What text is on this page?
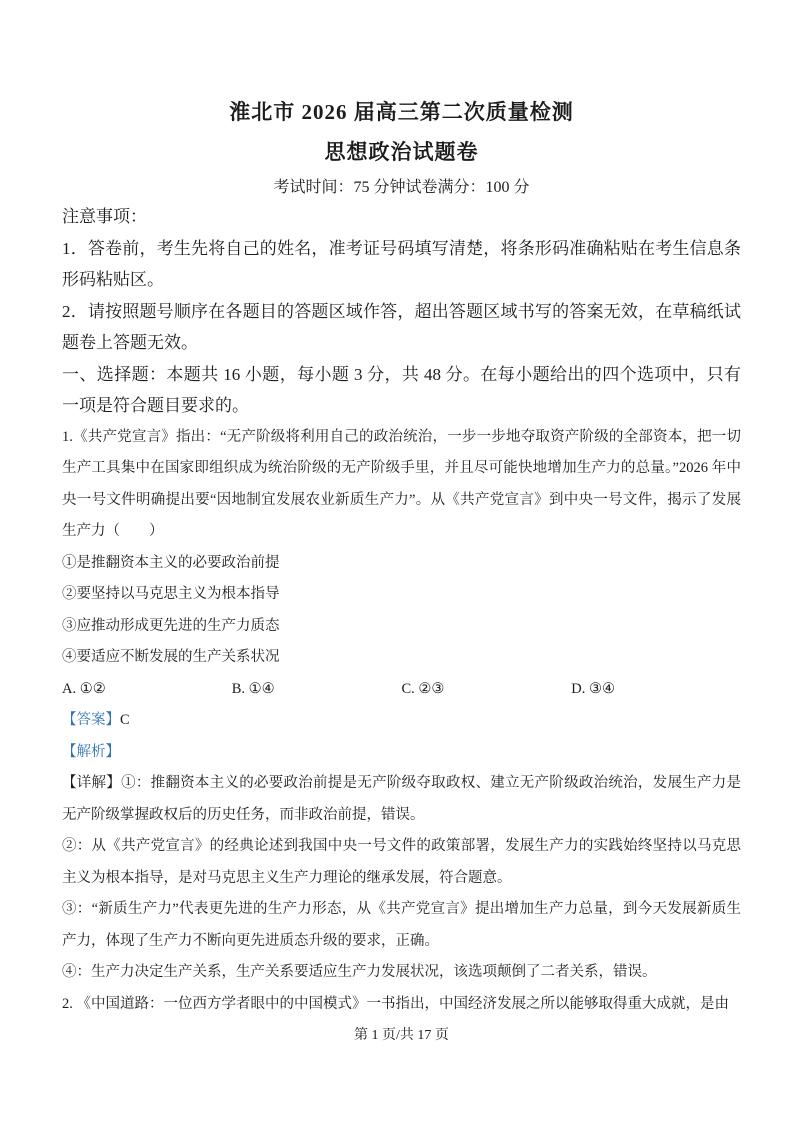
淮北市 2026 届高三第二次质量检测
思想政治试题卷

考试时间：75 分钟试卷满分：100 分

注意事项：

1．答卷前，考生先将自己的姓名，准考证号码填写清楚，将条形码准确粘贴在考生信息条形码粘贴区。

2．请按照题号顺序在各题目的答题区域作答，超出答题区域书写的答案无效，在草稿纸试题卷上答题无效。

一、选择题：本题共 16 小题，每小题 3 分，共 48 分。在每小题给出的四个选项中，只有一项是符合题目要求的。

1.《共产党宣言》指出：“无产阶级将利用自己的政治统治，一步一步地夺取资产阶级的全部资本，把一切生产工具集中在国家即组织成为统治阶级的无产阶级手里，并且尽可能快地增加生产力的总量。”2026 年中央一号文件明确提出要“因地制宜发展农业新质生产力”。从《共产党宣言》到中央一号文件，揭示了发展生产力（　　）

①是推翻资本主义的必要政治前提

②要坚持以马克思主义为根本指导

③应推动形成更先进的生产力质态

④要适应不断发展的生产关系状况

A. ①②	B. ①④	C. ②③	D. ③④

【答案】C

【解析】

【详解】①：推翻资本主义的必要政治前提是无产阶级夺取政权、建立无产阶级政治统治，发展生产力是无产阶级掌握政权后的历史任务，而非政治前提，错误。

②：从《共产党宣言》的经典论述到我国中央一号文件的政策部署，发展生产力的实践始终坚持以马克思主义为根本指导，是对马克思主义生产力理论的继承发展，符合题意。

③：“新质生产力”代表更先进的生产力形态，从《共产党宣言》提出增加生产力总量，到今天发展新质生产力，体现了生产力不断向更先进质态升级的要求，正确。

④：生产力决定生产关系，生产关系要适应生产力发展状况，该选项颠倒了二者关系，错误。

2. 《中国道路：一位西方学者眼中的中国模式》一书指出，中国经济发展之所以能够取得重大成就，是由

第 1 页/共 17 页
